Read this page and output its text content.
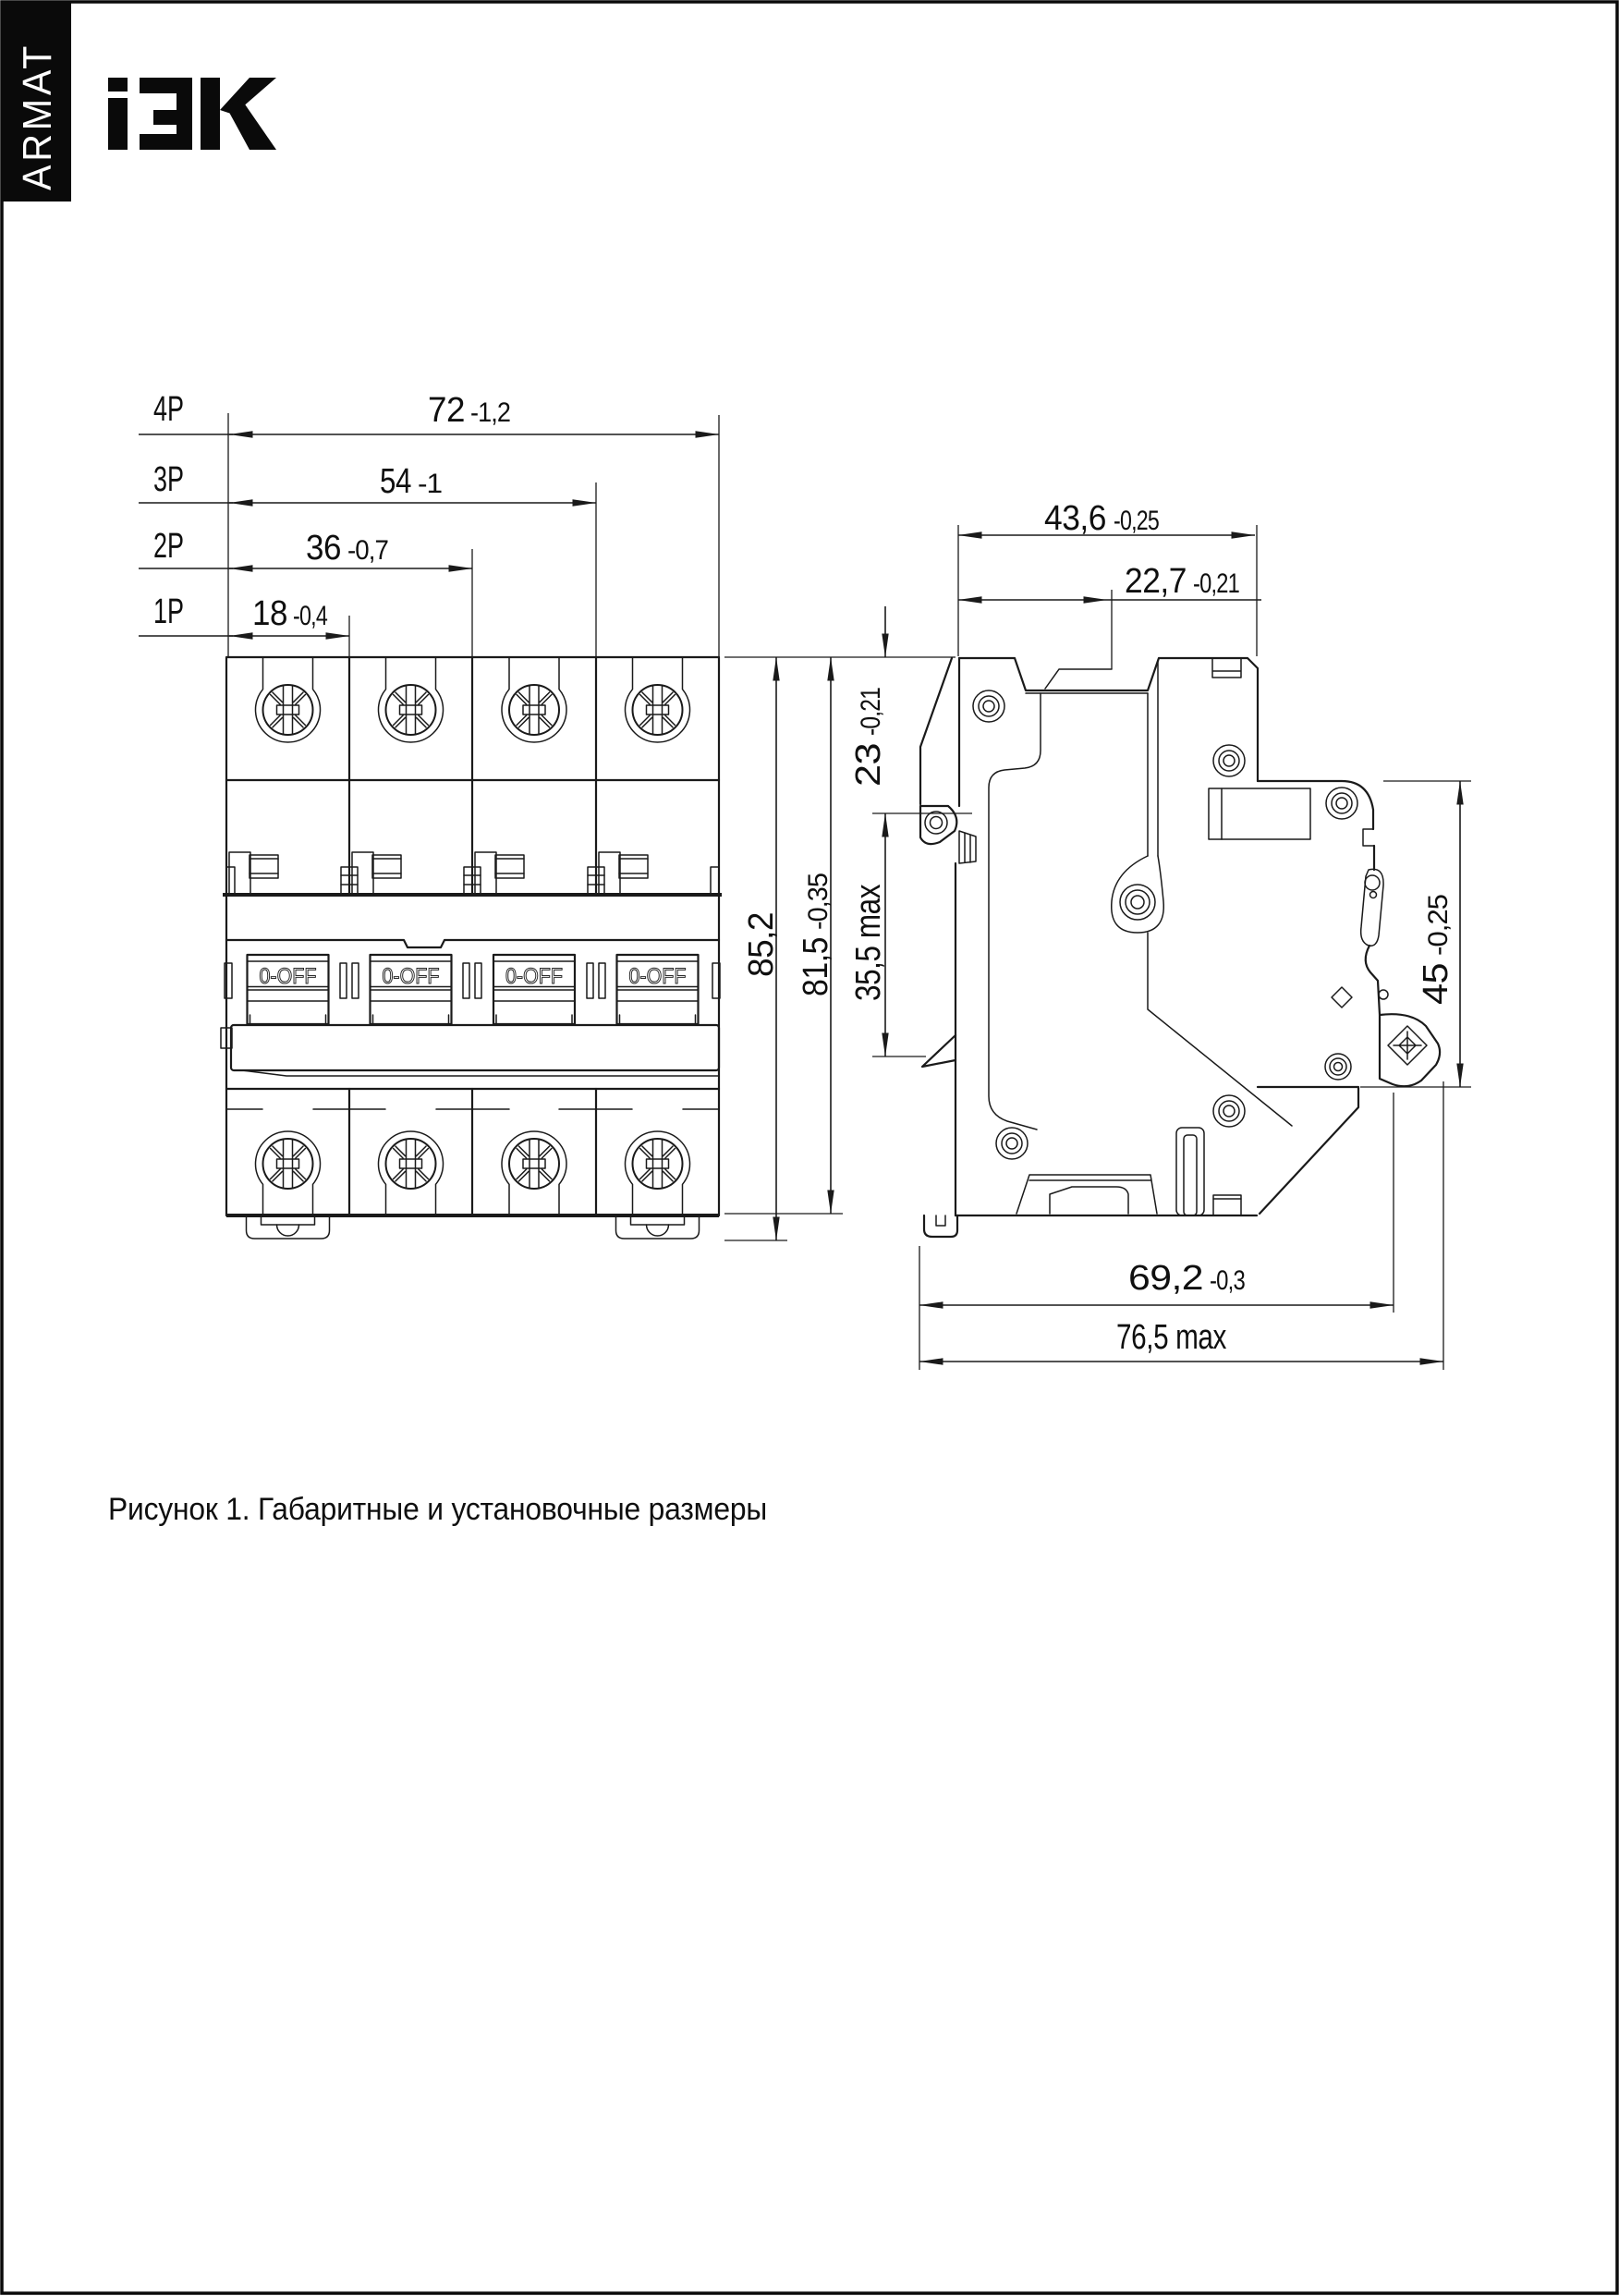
ARMAT
4P	72 -1,2
3P	54 -1
2P	36 -0,7
1P 18 -0,4
85,2 81,5
-0,35
23
-0,21
35,5 max
43,6 -0,25
22,7 -0,21
45
-0,25
69,2 -0,3
76,5 max
Рисунок 1. Габаритные и установочные размеры
